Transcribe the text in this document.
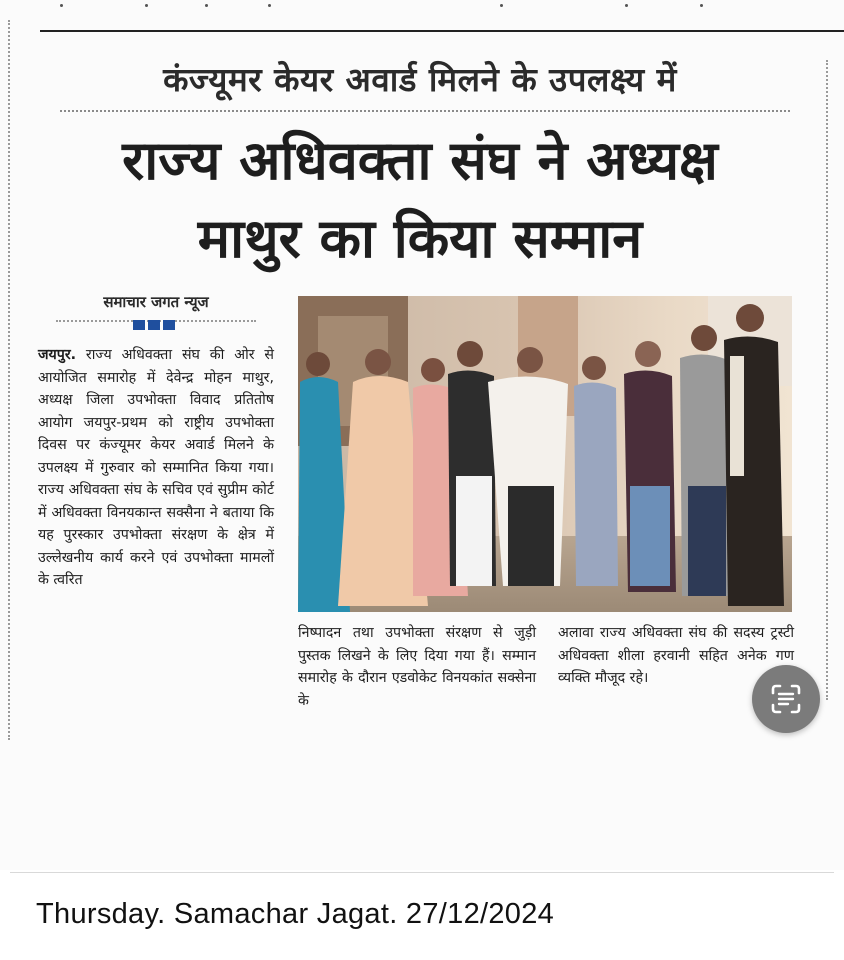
कंज्यूमर केयर अवार्ड मिलने के उपलक्ष्य में
राज्य अधिवक्ता संघ ने अध्यक्ष
माथुर का किया सम्मान
समाचार जगत न्यूज
जयपुर. राज्य अधिवक्ता संघ की ओर से आयोजित समारोह में देवेन्द्र मोहन माथुर, अध्यक्ष जिला उपभोक्ता विवाद प्रतितोष आयोग जयपुर-प्रथम को राष्ट्रीय उपभोक्ता दिवस पर कंज्यूमर केयर अवार्ड मिलने के उपलक्ष्य में गुरुवार को सम्मानित किया गया। राज्य अधिवक्ता संघ के सचिव एवं सुप्रीम कोर्ट में अधिवक्ता विनयकान्त सक्सैना ने बताया कि यह पुरस्कार उपभोक्ता संरक्षण के क्षेत्र में उल्लेखनीय कार्य करने एवं उपभोक्ता मामलों के त्वरित
निष्पादन तथा उपभोक्ता संरक्षण से जुड़ी पुस्तक लिखने के लिए दिया गया हैं। सम्मान समारोह के दौरान एडवोकेट विनयकांत सक्सेना के
अलावा राज्य अधिवक्ता संघ की सदस्य ट्रस्टी अधिवक्ता शीला हरवानी सहित अनेक गण व्यक्ति मौजूद रहे।
Thursday. Samachar Jagat. 27/12/2024
